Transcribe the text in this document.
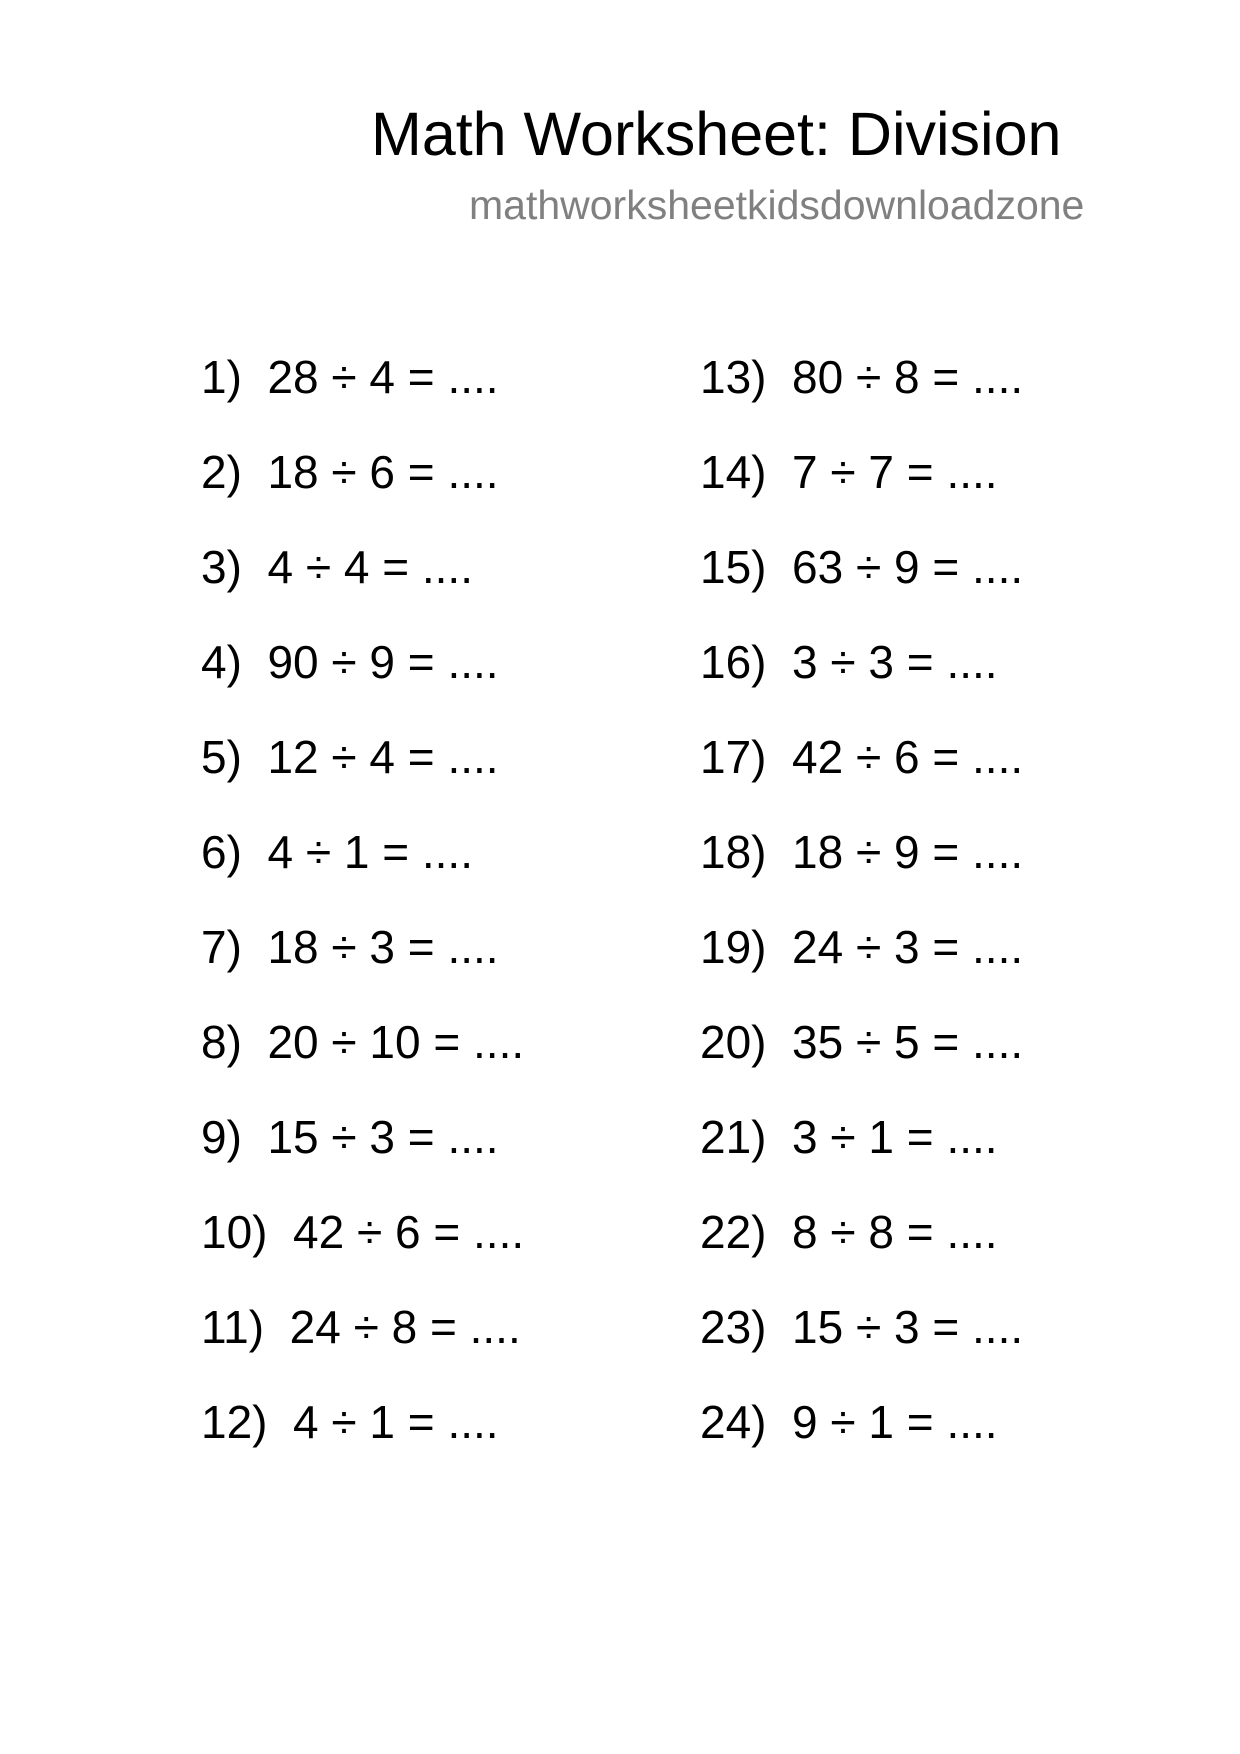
Math Worksheet: Division
mathworksheetkidsdownloadzone
1)  28 ÷ 4 = ....
2)  18 ÷ 6 = ....
3)  4 ÷ 4 = ....
4)  90 ÷ 9 = ....
5)  12 ÷ 4 = ....
6)  4 ÷ 1 = ....
7)  18 ÷ 3 = ....
8)  20 ÷ 10 = ....
9)  15 ÷ 3 = ....
10)  42 ÷ 6 = ....
11)  24 ÷ 8 = ....
12)  4 ÷ 1 = ....
13)  80 ÷ 8 = ....
14)  7 ÷ 7 = ....
15)  63 ÷ 9 = ....
16)  3 ÷ 3 = ....
17)  42 ÷ 6 = ....
18)  18 ÷ 9 = ....
19)  24 ÷ 3 = ....
20)  35 ÷ 5 = ....
21)  3 ÷ 1 = ....
22)  8 ÷ 8 = ....
23)  15 ÷ 3 = ....
24)  9 ÷ 1 = ....
